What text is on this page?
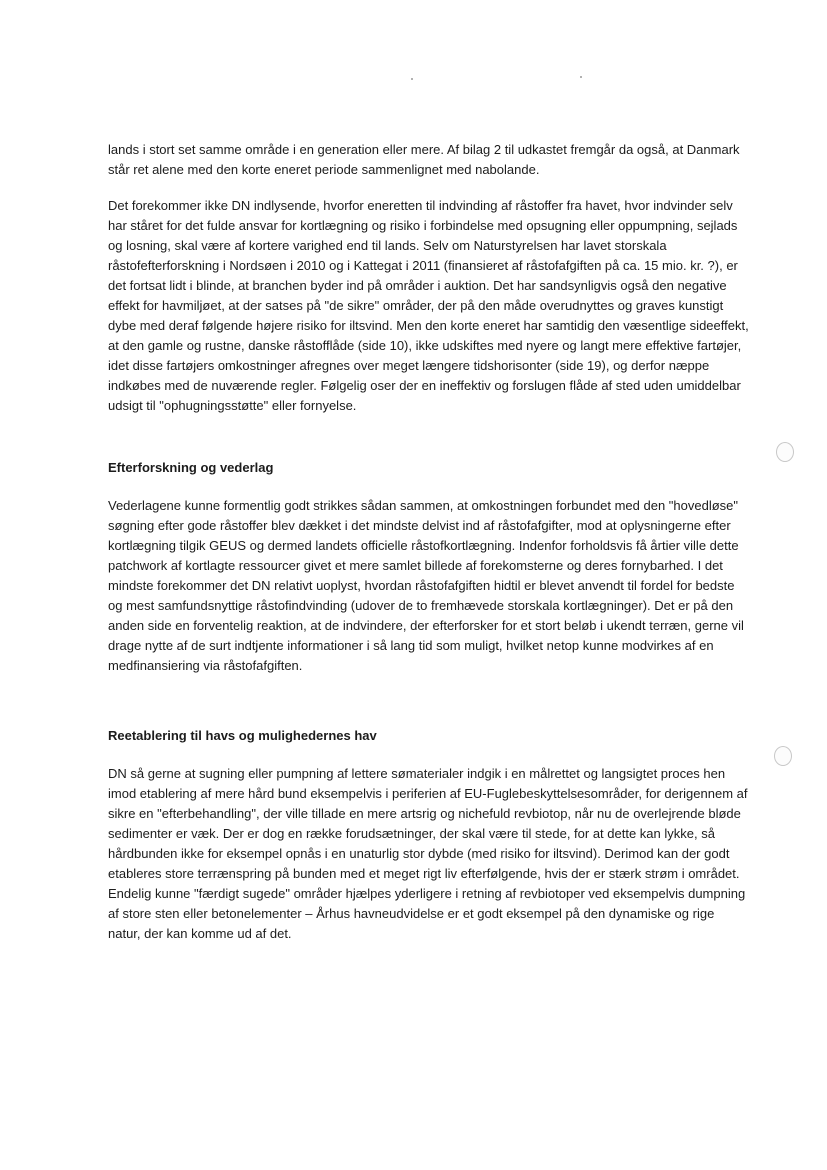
lands i stort set samme område i en generation eller mere. Af bilag 2 til udkastet fremgår da også, at Danmark står ret alene med den korte eneret periode sammenlignet med nabolande.

Det forekommer ikke DN indlysende, hvorfor eneretten til indvinding af råstoffer fra havet, hvor indvinder selv har ståret for det fulde ansvar for kortlægning og risiko i forbindelse med opsugning eller oppumpning, sejlads og losning, skal være af kortere varighed end til lands. Selv om Naturstyrelsen har lavet storskala råstofefterforskning i Nordsøen i 2010 og i Kattegat i 2011 (finansieret af råstofafgiften på ca. 15 mio. kr. ?), er det fortsat lidt i blinde, at branchen byder ind på områder i auktion. Det har sandsynligvis også den negative effekt for havmiljøet, at der satses på "de sikre" områder, der på den måde overudnyttes og graves kunstigt dybe med deraf følgende højere risiko for iltsvind. Men den korte eneret har samtidig den væsentlige sideeffekt, at den gamle og rustne, danske råstofflåde (side 10), ikke udskiftes med nyere og langt mere effektive fartøjer, idet disse fartøjers omkostninger afregnes over meget længere tidshorisonter (side 19), og derfor næppe indkøbes med de nuværende regler. Følgelig oser der en ineffektiv og forslugen flåde af sted uden umiddelbar udsigt til "ophugningsstøtte" eller fornyelse.

Efterforskning og vederlag

Vederlagene kunne formentlig godt strikkes sådan sammen, at omkostningen forbundet med den "hovedløse" søgning efter gode råstoffer blev dækket i det mindste delvist ind af råstofafgifter, mod at oplysningerne efter kortlægning tilgik GEUS og dermed landets officielle råstofkortlægning. Indenfor forholdsvis få årtier ville dette patchwork af kortlagte ressourcer givet et mere samlet billede af forekomsterne og deres fornybarhed. I det mindste forekommer det DN relativt uoplyst, hvordan råstofafgiften hidtil er blevet anvendt til fordel for bedste og mest samfundsnyttige råstofindvinding (udover de to fremhævede storskala kortlægninger). Det er på den anden side en forventelig reaktion, at de indvindere, der efterforsker for et stort beløb i ukendt terræn, gerne vil drage nytte af de surt indtjente informationer i så lang tid som muligt, hvilket netop kunne modvirkes af en medfinansiering via råstofafgiften.

Reetablering til havs og mulighedernes hav

DN så gerne at sugning eller pumpning af lettere sømaterialer indgik i en målrettet og langsigtet proces hen imod etablering af mere hård bund eksempelvis i periferien af EU-Fuglebeskyttelsesområder, for derigennem af sikre en "efterbehandling", der ville tillade en mere artsrig og nichefuld revbiotop, når nu de overlejrende bløde sedimenter er væk. Der er dog en række forudsætninger, der skal være til stede, for at dette kan lykke, så hårdbunden ikke for eksempel opnås i en unaturlig stor dybde (med risiko for iltsvind). Derimod kan der godt etableres store terrænspring på bunden med et meget rigt liv efterfølgende, hvis der er stærk strøm i området. Endelig kunne "færdigt sugede" områder hjælpes yderligere i retning af revbiotoper ved eksempelvis dumpning af store sten eller betonelementer – Århus havneudvidelse er et godt eksempel på den dynamiske og rige natur, der kan komme ud af det.
